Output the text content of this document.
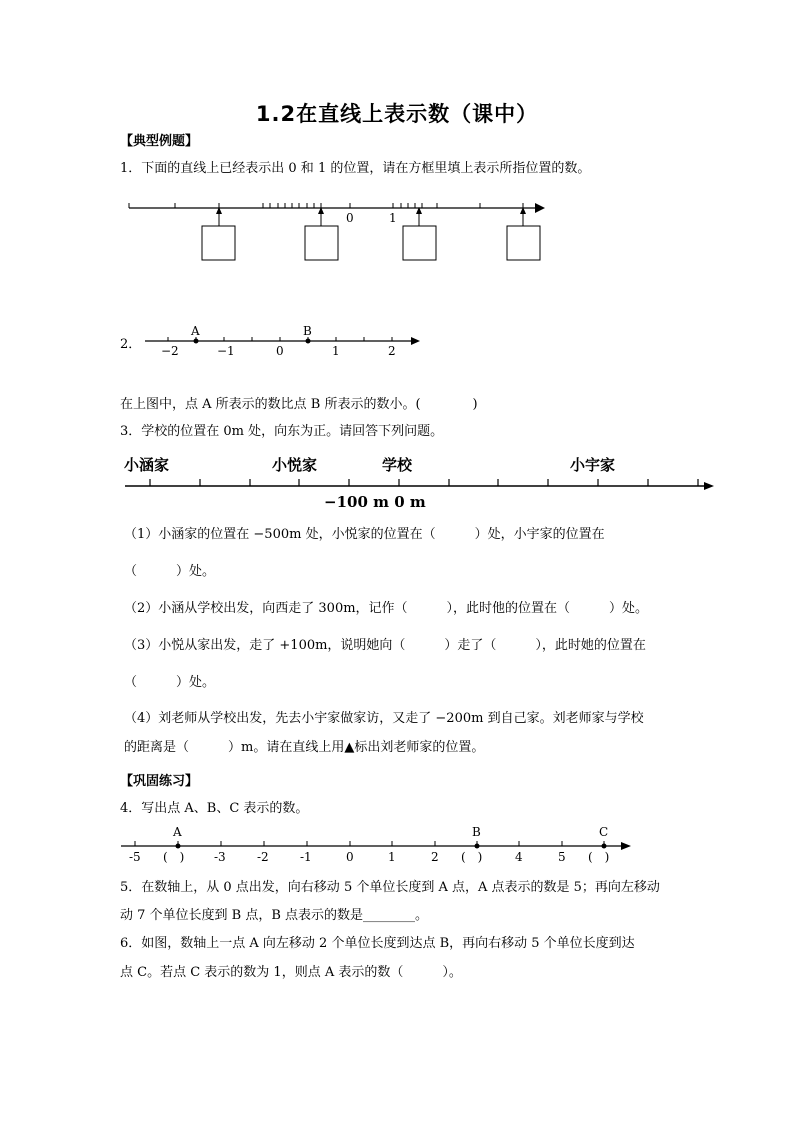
1.2在直线上表示数（课中）
【典型例题】
1．下面的直线上已经表示出 0 和 1 的位置，请在方框里填上表示所指位置的数。
0	1
2．
A	B
−2	−1	0	1	2
在上图中，点 A 所表示的数比点 B 所表示的数小。(　　　　)
3．学校的位置在 0m 处，向东为正。请回答下列问题。
小涵家	小悦家	学校	小宇家
−100 m 0 m
（1）小涵家的位置在 −500m 处，小悦家的位置在（　　　）处，小宇家的位置在
（　　　）处。
（2）小涵从学校出发，向西走了 300m，记作（　　　），此时他的位置在（　　　）处。
（3）小悦从家出发，走了 +100m，说明她向（　　　）走了（　　　），此时她的位置在
（　　　）处。
（4）刘老师从学校出发，先去小宇家做家访，又走了 −200m 到自己家。刘老师家与学校
的距离是（　　　）m。请在直线上用▲标出刘老师家的位置。
【巩固练习】
4．写出点 A、B、C 表示的数。
A	B	C
-5 (　) -3	-2	-1	0	1	2 (　)	4	5 (　)
5．在数轴上，从 0 点出发，向右移动 5 个单位长度到 A 点，A 点表示的数是 5；再向左移动
动 7 个单位长度到 B 点，B 点表示的数是________。
6．如图，数轴上一点 A 向左移动 2 个单位长度到达点 B，再向右移动 5 个单位长度到达
点 C。若点 C 表示的数为 1，则点 A 表示的数（　　　）。
